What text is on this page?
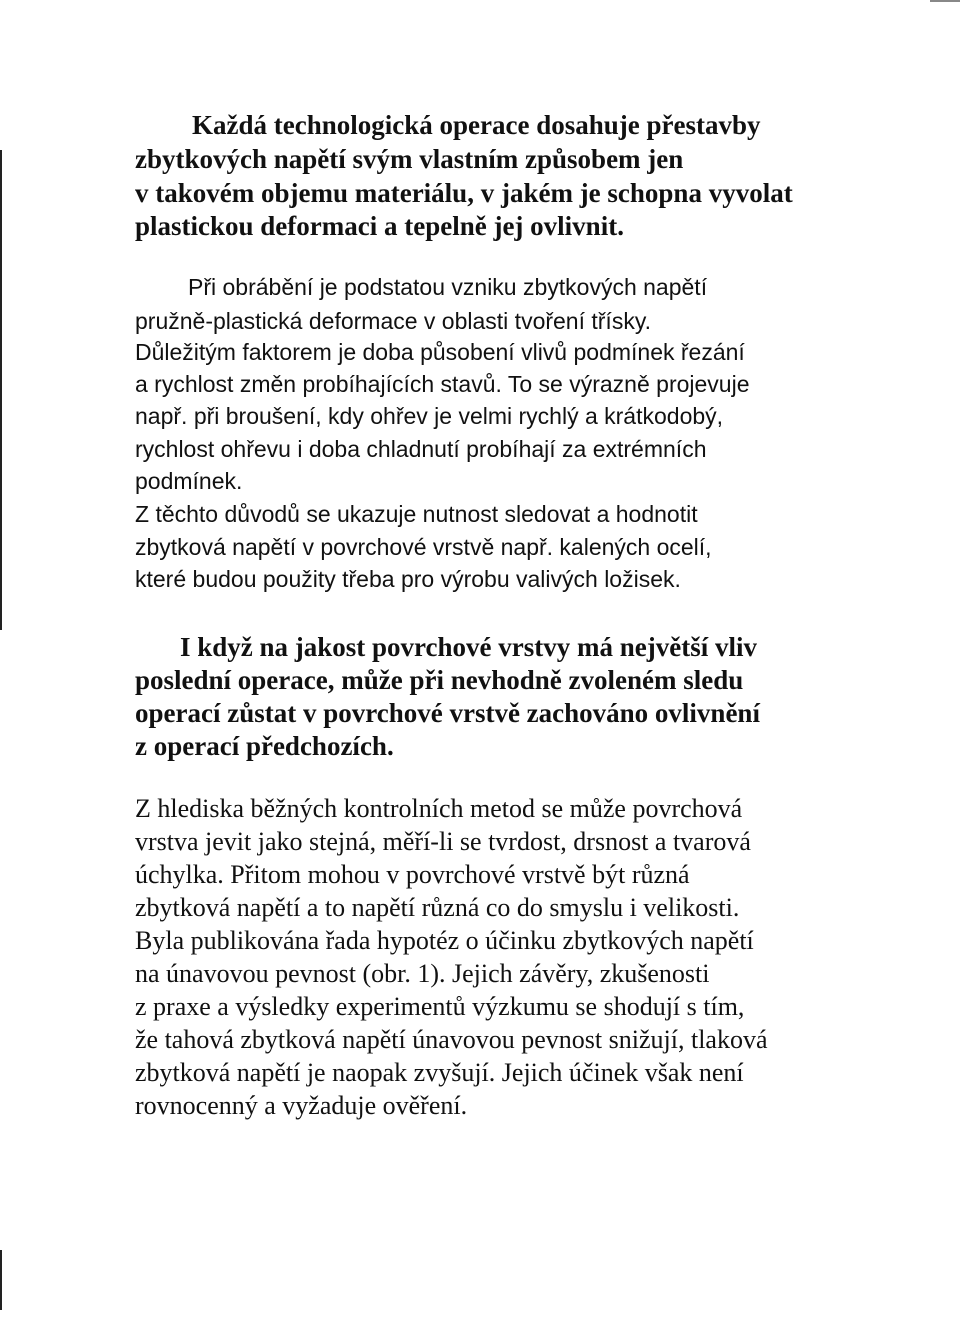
Každá technologická operace dosahuje přestavby
zbytkových napětí svým vlastním způsobem jen
v takovém objemu materiálu, v jakém je schopna vyvolat
plastickou deformaci a tepelně jej ovlivnit.
Při obrábění je podstatou vzniku zbytkových napětí
pružně-plastická deformace v oblasti tvoření třísky.
Důležitým faktorem je doba působení vlivů podmínek řezání
a rychlost změn probíhajících stavů. To se výrazně projevuje
např. při broušení, kdy ohřev je velmi rychlý a krátkodobý,
rychlost ohřevu i doba chladnutí probíhají za extrémních
podmínek.
Z těchto důvodů se ukazuje nutnost sledovat a hodnotit
zbytková napětí v povrchové vrstvě např. kalených ocelí,
které budou použity třeba pro výrobu valivých ložisek.
I když na jakost povrchové vrstvy má největší vliv
poslední operace, může při nevhodně zvoleném sledu
operací zůstat v povrchové vrstvě zachováno ovlivnění
z operací předchozích.
Z hlediska běžných kontrolních metod se může povrchová
vrstva jevit jako stejná, měří-li se tvrdost, drsnost a tvarová
úchylka. Přitom mohou v povrchové vrstvě být různá
zbytková napětí a to napětí různá co do smyslu i velikosti.
Byla publikována řada hypotéz o účinku zbytkových napětí
na únavovou pevnost (obr. 1). Jejich závěry, zkušenosti
z praxe a výsledky experimentů výzkumu se shodují s tím,
že tahová zbytková napětí únavovou pevnost snižují, tlaková
zbytková napětí je naopak zvyšují. Jejich účinek však není
rovnocenný a vyžaduje ověření.
